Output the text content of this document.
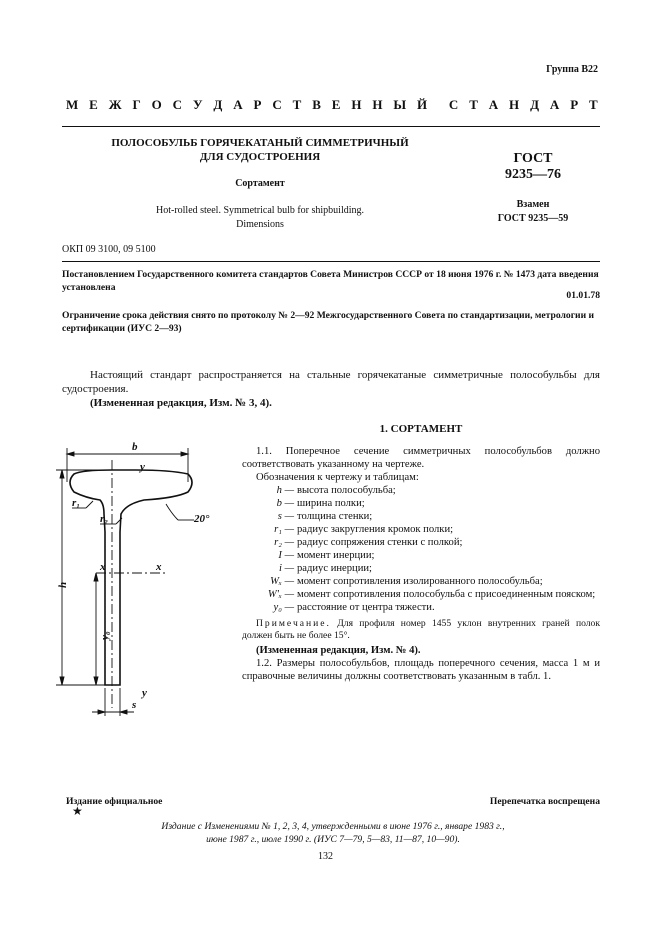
Группа В22
М Е Ж Г О С У Д А Р С Т В Е Н Н Ы Й С Т А Н Д А Р Т
ПОЛОСОБУЛЬБ ГОРЯЧЕКАТАНЫЙ СИММЕТРИЧНЫЙ
ДЛЯ СУДОСТРОЕНИЯ
Сортамент
Hot-rolled steel. Symmetrical bulb for shipbuilding.
Dimensions
ГОСТ
9235—76
Взамен
ГОСТ 9235—59
ОКП 09 3100, 09 5100
Постановлением Государственного комитета стандартов Совета Министров СССР от 18 июня 1976 г. № 1473 дата введения установлена
01.01.78
Ограничение срока действия снято по протоколу № 2—92 Межгосударственного Совета по стандартизации, метрологии и сертификации (ИУС 2—93)

Настоящий стандарт распространяется на стальные горячекатаные симметричные полособульбы для судостроения.

(Измененная редакция, Изм. № 3, 4).

b
y
r₁
r₂	20°
x	x
h
y₀
y
s
1. СОРТАМЕНТ

1.1. Поперечное сечение симметричных полособульбов должно соответствовать указанному на чертеже.

Обозначения к чертежу и таблицам:

h — высота полособульба;
b — ширина полки;
s — толщина стенки;
r₁ — радиус закругления кромок полки;
r₂ — радиус сопряжения стенки с полкой;
I — момент инерции;
i — радиус инерции;
Wₓ — момент сопротивления изолированного полособульба;
W'ₓ — момент сопротивления полособульба с присоединенным пояском;
y₀ — расстояние от центра тяжести.

Примечание. Для профиля номер 1455 уклон внутренних граней полок должен быть не более 15°.

(Измененная редакция, Изм. № 4).

1.2. Размеры полособульбов, площадь поперечного сечения, масса 1 м и справочные величины должны соответствовать указанным в табл. 1.

Издание официальное	Перепечатка воспрещена
★
Издание с Изменениями № 1, 2, 3, 4, утвержденными в июне 1976 г., январе 1983 г.,
июне 1987 г., июле 1990 г. (ИУС 7—79, 5—83, 11—87, 10—90).
132
